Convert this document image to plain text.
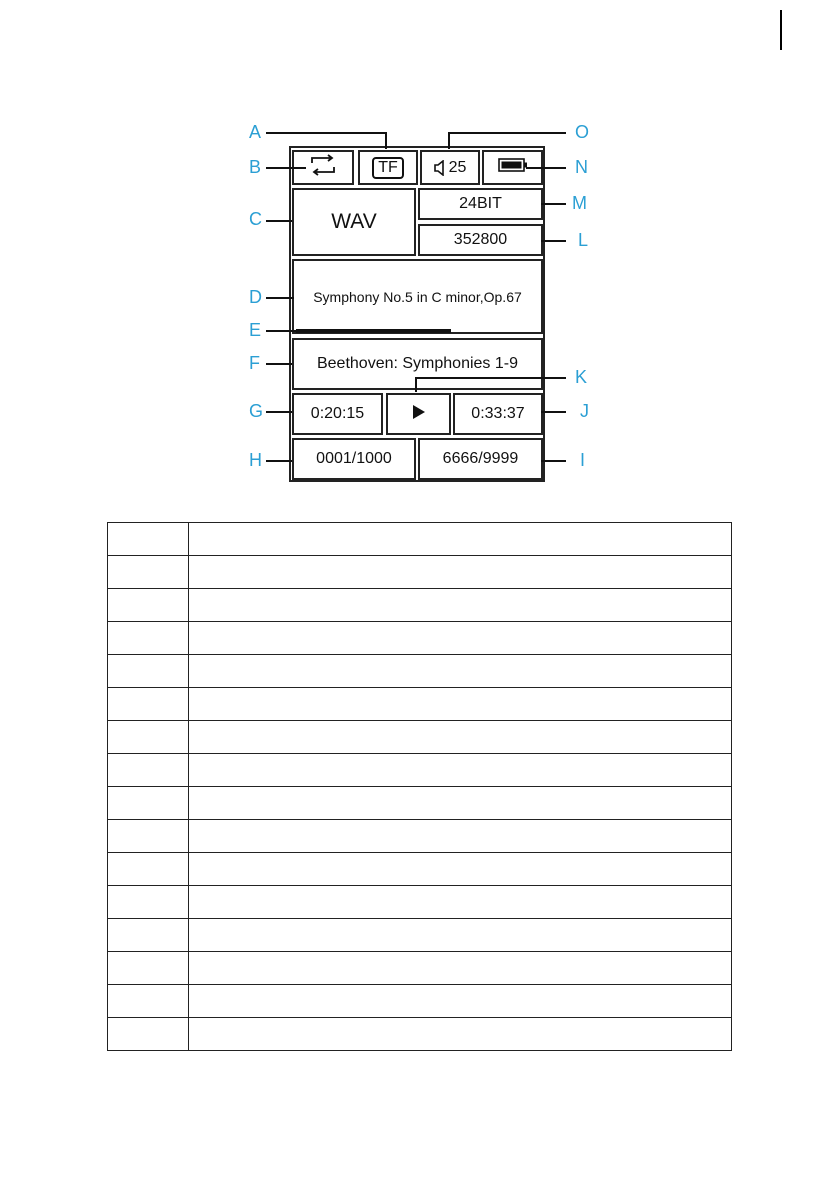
TF	25
WAV
24BIT
352800
Symphony No.5 in C minor,Op.67
Beethoven: Symphonies 1-9
0:20:15	0:33:37
0001/1000	6666/9999
A	O
B	N
C
M
L
D
E
F
K
G	J
H	I
